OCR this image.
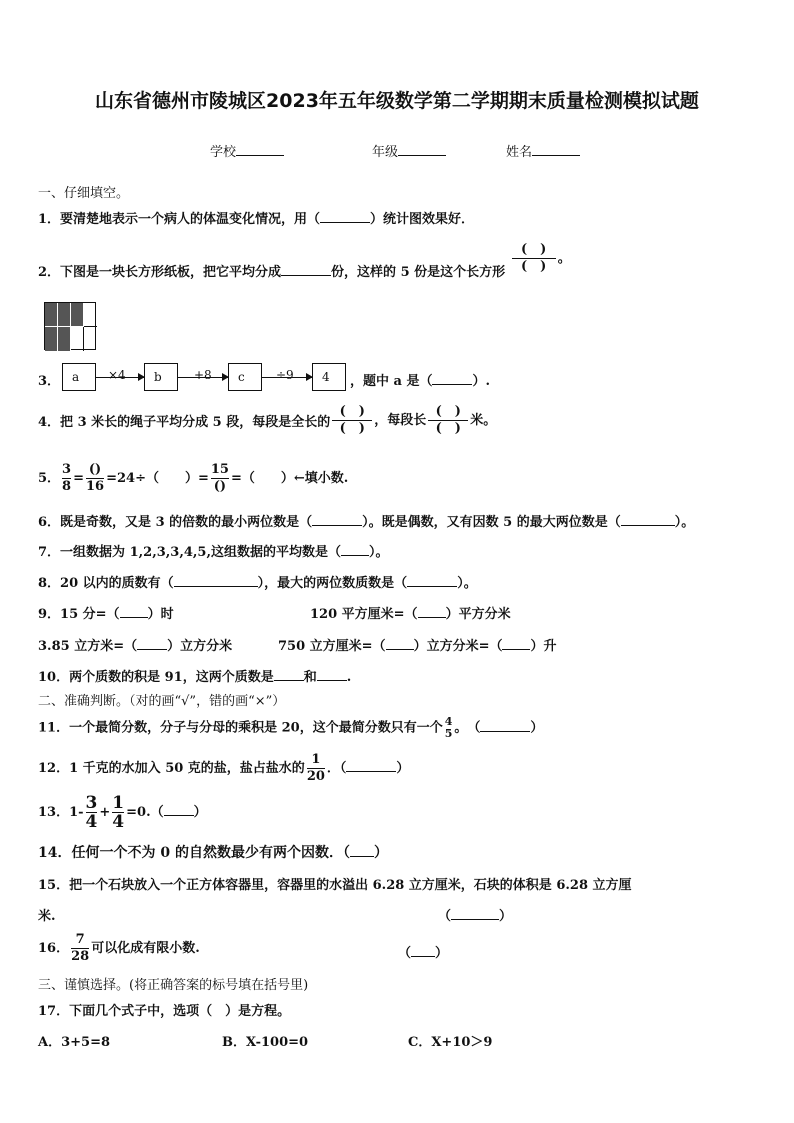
山东省德州市陵城区2023年五年级数学第二学期期末质量检测模拟试题
学校	年级	姓名
一、仔细填空。
1．要清楚地表示一个病人的体温变化情况，用（	）统计图效果好．
2．下图是一块长方形纸板，把它平均分成	份，这样的 5 份是这个长方形 $\frac{( )}{( )}$ 。
3． a	×4	b	+8	c	÷9	4	，题中 a 是（	）.
4．把 3 米长的绳子平均分成 5 段，每段是全长的 $\frac{( )}{( )}$ ，每段长 $\frac{( )}{( )}$ 米。
5． $\frac{3}{8} = \frac{()}{16} =24\div$（　　）= $\frac{15}{()}$ =（　　）←填小数.
6．既是奇数，又是 3 的倍数的最小两位数是（	）。既是偶数，又有因数 5 的最大两位数是（	）。
7．一组数据为 1,2,3,3,4,5,这组数据的平均数是（ ）。
8．20 以内的质数有（	），最大的两位数质数是（	）。
9．15 分=（ ）时	120 平方厘米=（ ）平方分米
3.85 立方米=（ ）立方分米	750 立方厘米=（ ）立方分米=（ ）升
10．两个质数的积是 91，这两个质数是 和 .
二、准确判断。（对的画“√”，错的画“×”）
11．一个最简分数，分子与分母的乘积是 20，这个最简分数只有一个 4
5 。　（	）
12．1 千克的水加入 50 克的盐，盐占盐水的 $\frac{1}{20}$ ．（	）
13．$1- \frac{3}{4} + \frac{1}{4} =0$.（ ）
14．任何一个不为 0 的自然数最少有两个因数．（ ）
15．把一个石块放入一个正方体容器里，容器里的水溢出 6.28 立方厘米，石块的体积是 6.28 立方厘
米.	（	）
16． $\frac{7}{28}$ 可以化成有限小数.	（ ）
三、谨慎选择。(将正确答案的标号填在括号里)
17．下面几个式子中，选项（　）是方程。
A．3+5=8	B．X-100=0	C．X+10＞9
